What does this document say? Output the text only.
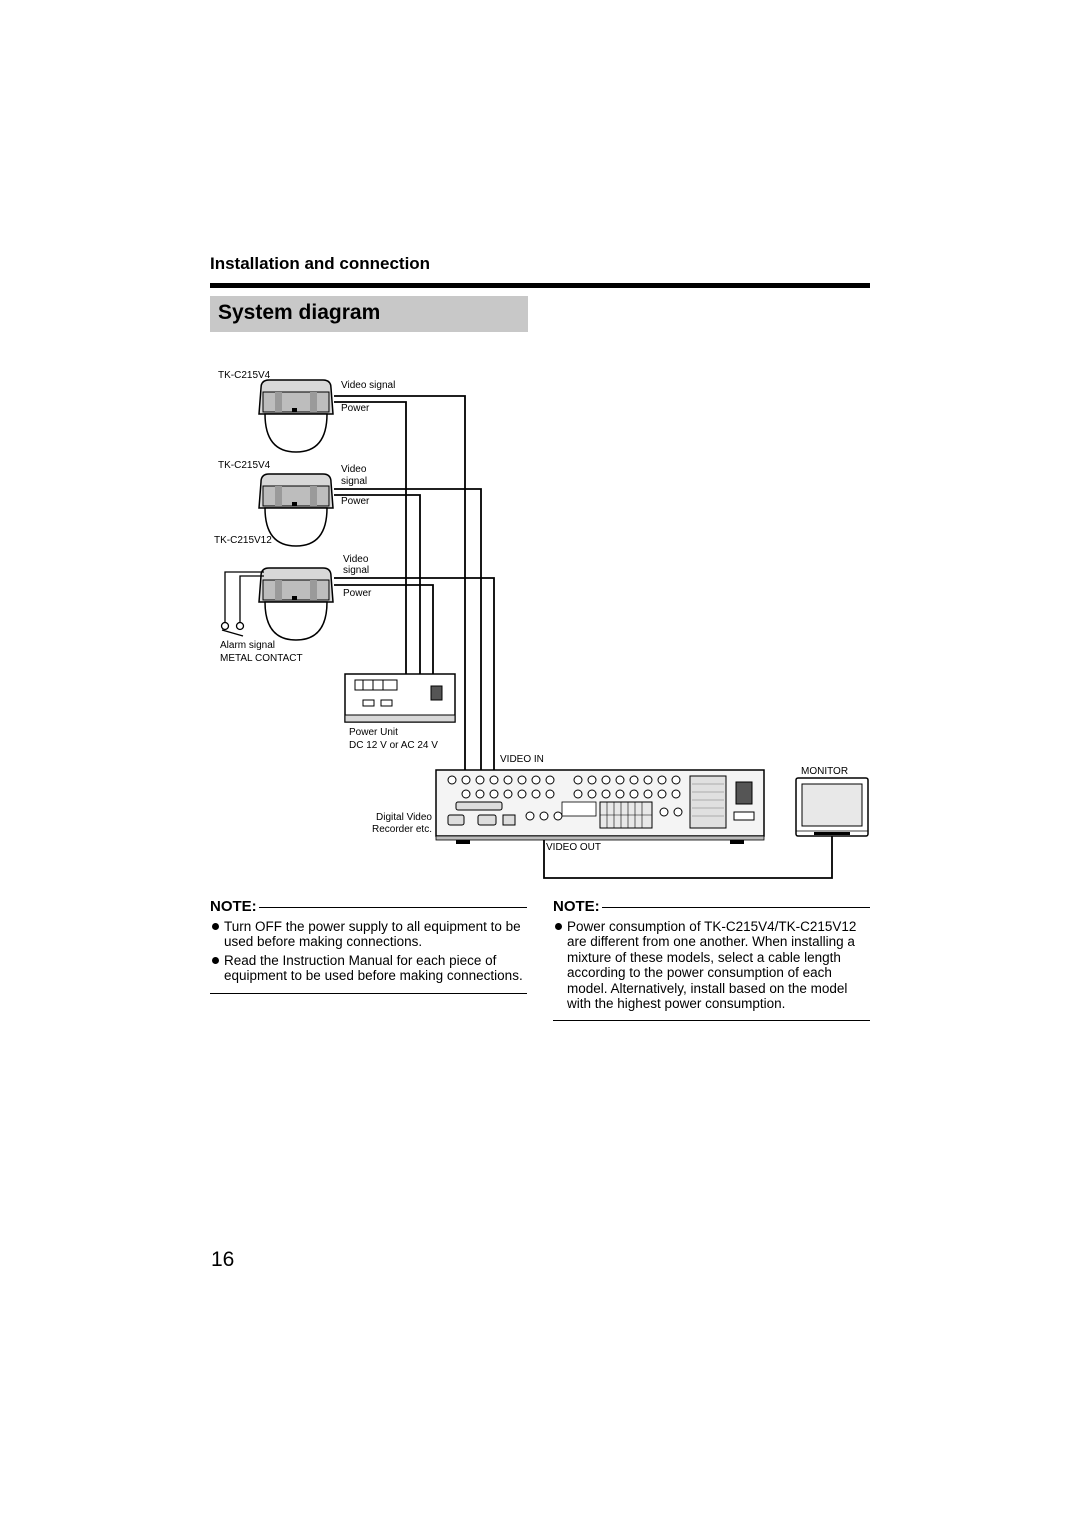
Installation and connection
System diagram
TK-C215V4
Video signal
Power
TK-C215V4	Video
signal
Power
TK-C215V12
Video
signal
Power
Alarm signal
METAL CONTACT
Power Unit
DC 12 V or AC 24 V
VIDEO IN
Digital Video
Recorder etc.
VIDEO OUT
MONITOR
NOTE:
Turn OFF the power supply to all equipment to be used before making connections.
Read the Instruction Manual for each piece of equipment to be used before making connections.
NOTE:
Power consumption of TK-C215V4/TK-C215V12 are different from one another. When installing a mixture of these models, select a cable length according to the power consumption of each model. Alternatively, install based on the model with the highest power consumption.
16
